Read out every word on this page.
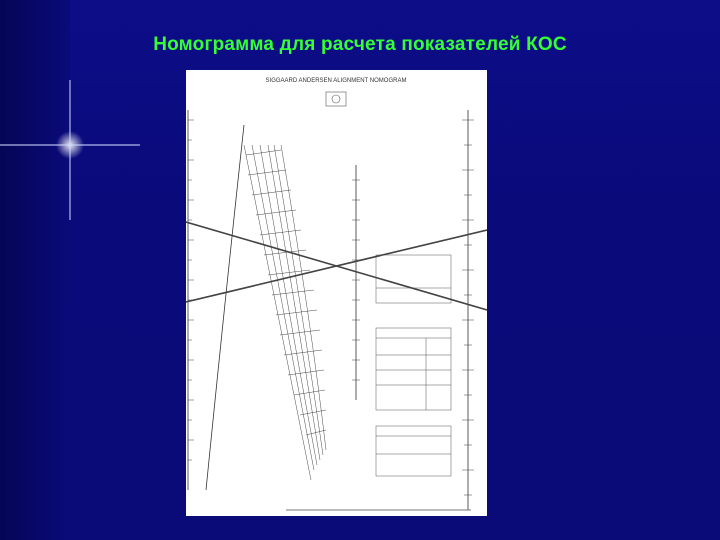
Номограмма для расчета показателей КОС
SIGGAARD ANDERSEN ALIGNMENT NOMOGRAM
